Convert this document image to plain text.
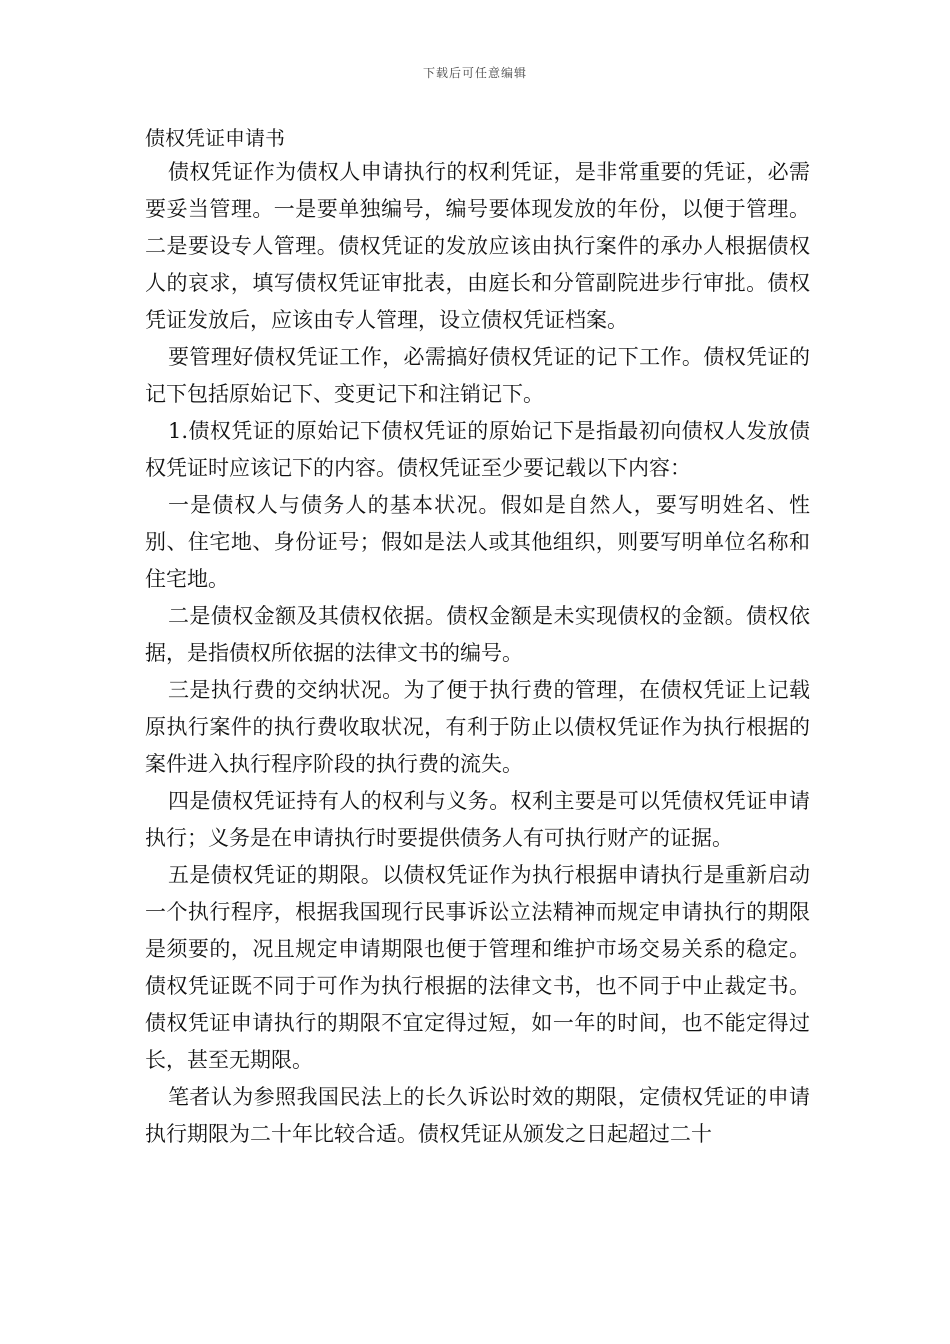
下载后可任意编辑
债权凭证申请书

债权凭证作为债权人申请执行的权利凭证，是非常重要的凭证，必需要妥当管理。一是要单独编号，编号要体现发放的年份，以便于管理。二是要设专人管理。债权凭证的发放应该由执行案件的承办人根据债权人的哀求，填写债权凭证审批表，由庭长和分管副院进步行审批。债权凭证发放后，应该由专人管理，设立债权凭证档案。

要管理好债权凭证工作，必需搞好债权凭证的记下工作。债权凭证的记下包括原始记下、变更记下和注销记下。

1.债权凭证的原始记下债权凭证的原始记下是指最初向债权人发放债权凭证时应该记下的内容。债权凭证至少要记载以下内容：

一是债权人与债务人的基本状况。假如是自然人，要写明姓名、性别、住宅地、身份证号；假如是法人或其他组织，则要写明单位名称和住宅地。

二是债权金额及其债权依据。债权金额是未实现债权的金额。债权依据，是指债权所依据的法律文书的编号。

三是执行费的交纳状况。为了便于执行费的管理，在债权凭证上记载原执行案件的执行费收取状况，有利于防止以债权凭证作为执行根据的案件进入执行程序阶段的执行费的流失。

四是债权凭证持有人的权利与义务。权利主要是可以凭债权凭证申请执行；义务是在申请执行时要提供债务人有可执行财产的证据。

五是债权凭证的期限。以债权凭证作为执行根据申请执行是重新启动一个执行程序，根据我国现行民事诉讼立法精神而规定申请执行的期限是须要的，况且规定申请期限也便于管理和维护市场交易关系的稳定。债权凭证既不同于可作为执行根据的法律文书，也不同于中止裁定书。债权凭证申请执行的期限不宜定得过短，如一年的时间，也不能定得过长，甚至无期限。

笔者认为参照我国民法上的长久诉讼时效的期限，定债权凭证的申请执行期限为二十年比较合适。债权凭证从颁发之日起超过二十
